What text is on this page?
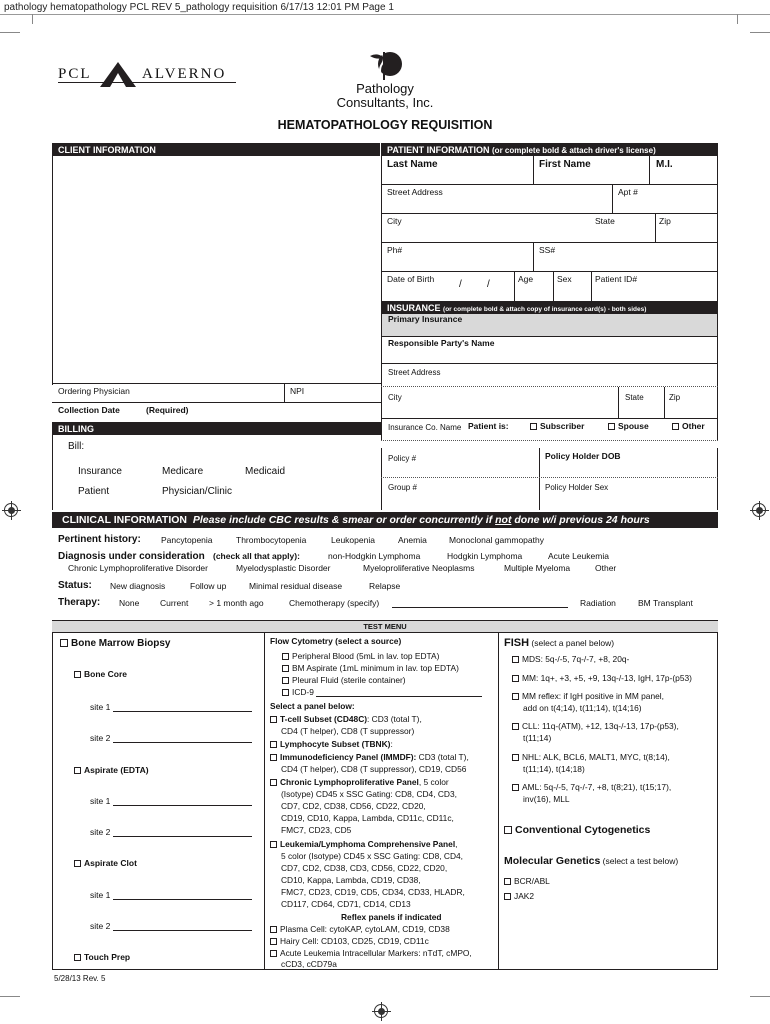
pathology hematopathology PCL REV 5_pathology requisition 6/17/13 12:01 PM Page 1
PCL	ALVERNO
Pathology
Consultants, Inc.
HEMATOPATHOLOGY REQUISITION
CLIENT INFORMATION	PATIENT INFORMATION (or complete bold & attach driver's license)
Last Name	First Name	M.I.
Street Address	Apt #
City	State	Zip
Ph#	SS#
Date of Birth /	/	Age	Sex	Patient ID#
INSURANCE (or complete bold & attach copy of insurance card(s) - both sides)
Primary Insurance
Responsible Party's Name
Street Address
City	State	Zip
Insurance Co. Name Patient is:	Subscriber	Spouse	Other
Policy #	Policy Holder DOB
Group #	Policy Holder Sex
Ordering Physician	NPI
Collection Date	(Required)
BILLING
Bill:
Insurance	Medicare	Medicaid
Patient	Physician/Clinic
CLINICAL INFORMATION Please include CBC results & smear or order concurrently if not done w/i previous 24 hours
Pertinent history: Pancytopenia	Thrombocytopenia	Leukopenia	Anemia	Monoclonal gammopathy
Diagnosis under consideration (check all that apply):	non-Hodgkin Lymphoma	Hodgkin Lymphoma	Acute Leukemia
Chronic Lymphoproliferative Disorder	Myelodysplastic Disorder	Myeloproliferative Neoplasms	Multiple Myeloma	Other
Status: New diagnosis	Follow up	Minimal residual disease	Relapse
Therapy: None Current > 1 month ago	Chemotherapy (specify)	Radiation	BM Transplant
TEST MENU
Bone Marrow Biopsy
Bone Core
site 1
site 2
Aspirate (EDTA)
site 1
site 2
Aspirate Clot
site 1
site 2
Touch Prep
Flow Cytometry (select a source)
Peripheral Blood (5mL in lav. top EDTA)
BM Aspirate (1mL minimum in lav. top EDTA)
Pleural Fluid (sterile container)
ICD-9
Select a panel below:
T-cell Subset (CD48C): CD3 (total T),
CD4 (T helper), CD8 (T suppressor)
Lymphocyte Subset (TBNK):
Immunodeficiency Panel (IMMDF): CD3 (total T),
CD4 (T helper), CD8 (T suppressor), CD19, CD56
Chronic Lymphoproliferative Panel, 5 color
(Isotype) CD45 x SSC Gating: CD8, CD4, CD3,
CD7, CD2, CD38, CD56, CD22, CD20,
CD19, CD10, Kappa, Lambda, CD11c, CD11c,
FMC7, CD23, CD5
Leukemia/Lymphoma Comprehensive Panel,
5 color (Isotype) CD45 x SSC Gating: CD8, CD4,
CD7, CD2, CD38, CD3, CD56, CD22, CD20,
CD10, Kappa, Lambda, CD19, CD38,
FMC7, CD23, CD19, CD5, CD34, CD33, HLADR,
CD117, CD64, CD71, CD14, CD13
Reflex panels if indicated
Plasma Cell: cytoKAP, cytoLAM, CD19, CD38
Hairy Cell: CD103, CD25, CD19, CD11c
Acute Leukemia Intracellular Markers: nTdT, cMPO,
cCD3, cCD79a
FISH (select a panel below)
MDS: 5q-/-5, 7q-/-7, +8, 20q-
MM: 1q+, +3, +5, +9, 13q-/-13, IgH, 17p-(p53)
MM reflex: if IgH positive in MM panel,
add on t(4;14), t(11;14), t(14;16)
CLL: 11q-(ATM), +12, 13q-/-13, 17p-(p53),
t(11;14)
NHL: ALK, BCL6, MALT1, MYC, t(8;14),
t(11;14), t(14;18)
AML: 5q-/-5, 7q-/-7, +8, t(8;21), t(15;17),
inv(16), MLL
Conventional Cytogenetics
Molecular Genetics (select a test below)
BCR/ABL
JAK2
5/28/13 Rev. 5
